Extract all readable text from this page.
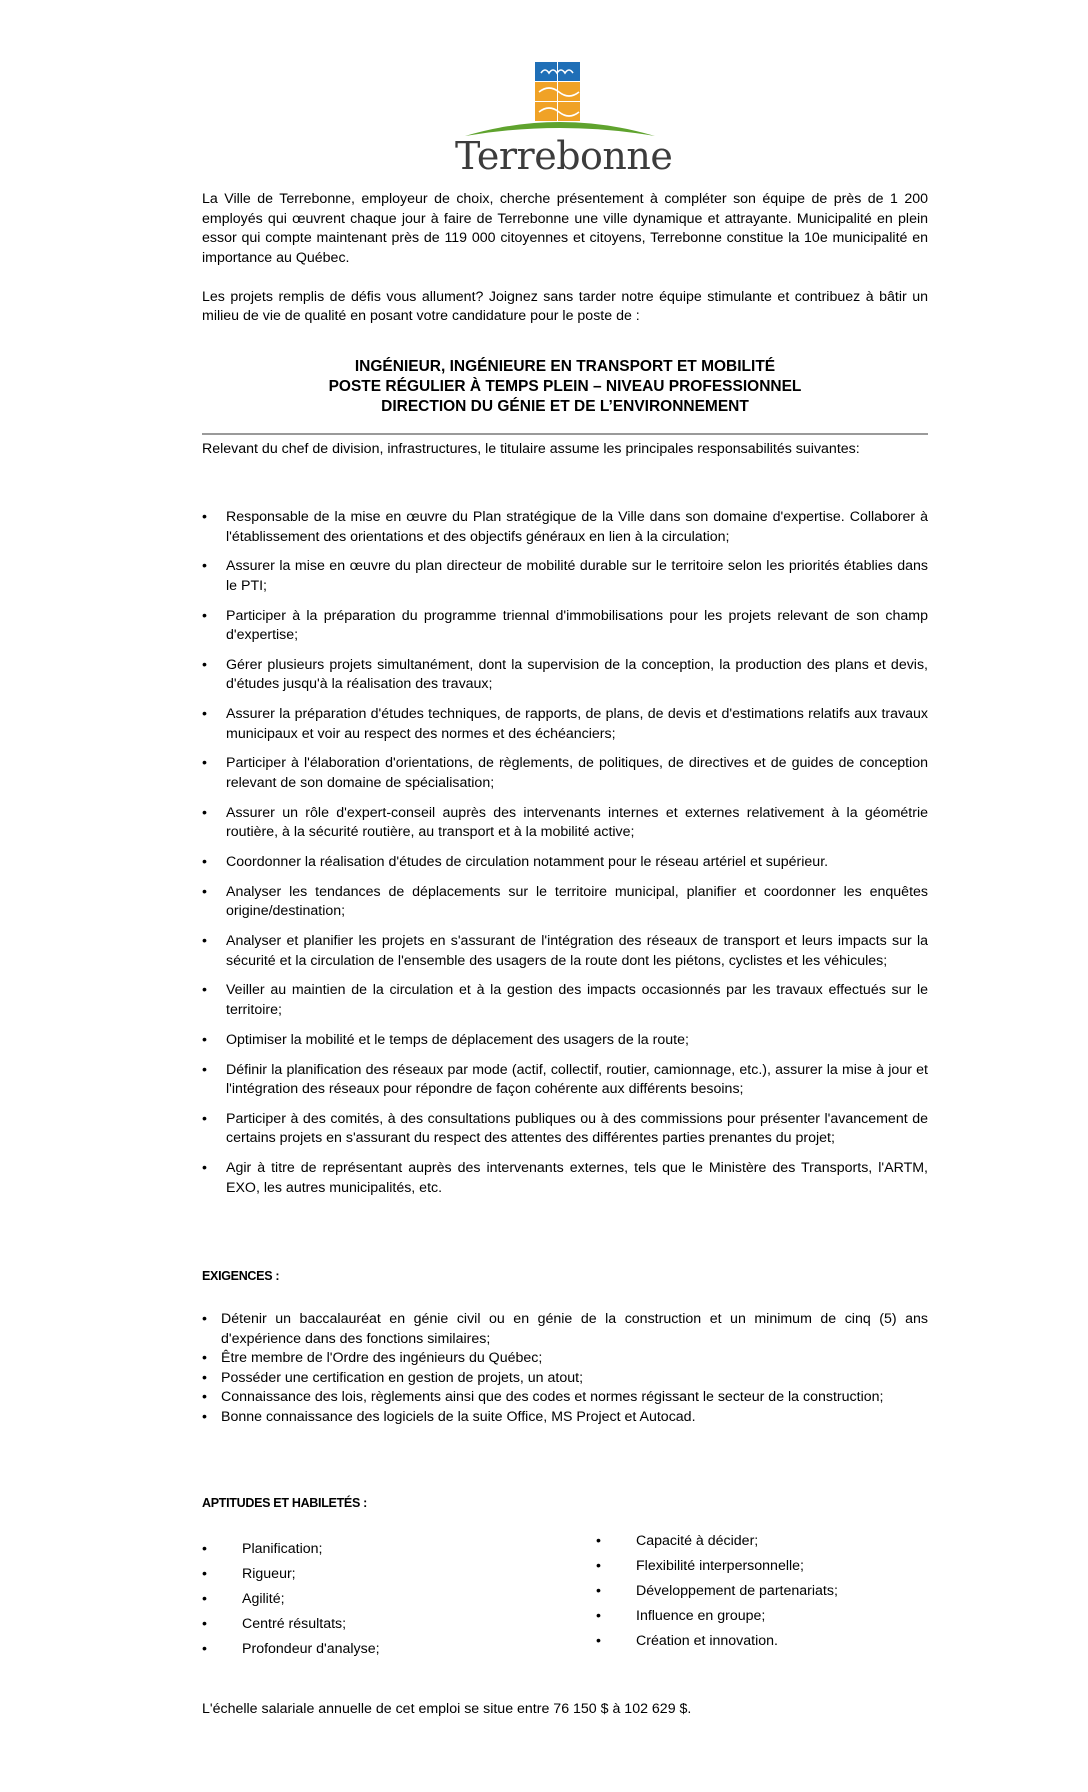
Terrebonne

La Ville de Terrebonne, employeur de choix, cherche présentement à compléter son équipe de près de 1 200 employés qui œuvrent chaque jour à faire de Terrebonne une ville dynamique et attrayante. Municipalité en plein essor qui compte maintenant près de 119 000 citoyennes et citoyens, Terrebonne constitue la 10e municipalité en importance au Québec.

Les projets remplis de défis vous allument? Joignez sans tarder notre équipe stimulante et contribuez à bâtir un milieu de vie de qualité en posant votre candidature pour le poste de :

INGÉNIEUR, INGÉNIEURE EN TRANSPORT ET MOBILITÉ
POSTE RÉGULIER À TEMPS PLEIN – NIVEAU PROFESSIONNEL
DIRECTION DU GÉNIE ET DE L’ENVIRONNEMENT

Relevant du chef de division, infrastructures, le titulaire assume les principales responsabilités suivantes:

• Responsable de la mise en œuvre du Plan stratégique de la Ville dans son domaine d'expertise. Collaborer à l'établissement des orientations et des objectifs généraux en lien à la circulation;
• Assurer la mise en œuvre du plan directeur de mobilité durable sur le territoire selon les priorités établies dans le PTI;
• Participer à la préparation du programme triennal d'immobilisations pour les projets relevant de son champ d'expertise;
• Gérer plusieurs projets simultanément, dont la supervision de la conception, la production des plans et devis, d'études jusqu'à la réalisation des travaux;
• Assurer la préparation d'études techniques, de rapports, de plans, de devis et d'estimations relatifs aux travaux municipaux et voir au respect des normes et des échéanciers;
• Participer à l'élaboration d'orientations, de règlements, de politiques, de directives et de guides de conception relevant de son domaine de spécialisation;
• Assurer un rôle d'expert-conseil auprès des intervenants internes et externes relativement à la géométrie routière, à la sécurité routière, au transport et à la mobilité active;
• Coordonner la réalisation d'études de circulation notamment pour le réseau artériel et supérieur.
• Analyser les tendances de déplacements sur le territoire municipal, planifier et coordonner les enquêtes origine/destination;
• Analyser et planifier les projets en s'assurant de l'intégration des réseaux de transport et leurs impacts sur la sécurité et la circulation de l'ensemble des usagers de la route dont les piétons, cyclistes et les véhicules;
• Veiller au maintien de la circulation et à la gestion des impacts occasionnés par les travaux effectués sur le territoire;
• Optimiser la mobilité et le temps de déplacement des usagers de la route;
• Définir la planification des réseaux par mode (actif, collectif, routier, camionnage, etc.), assurer la mise à jour et l'intégration des réseaux pour répondre de façon cohérente aux différents besoins;
• Participer à des comités, à des consultations publiques ou à des commissions pour présenter l'avancement de certains projets en s'assurant du respect des attentes des différentes parties prenantes du projet;
• Agir à titre de représentant auprès des intervenants externes, tels que le Ministère des Transports, l'ARTM, EXO, les autres municipalités, etc.
EXIGENCES :
• Détenir un baccalauréat en génie civil ou en génie de la construction et un minimum de cinq (5) ans d'expérience dans des fonctions similaires;
• Être membre de l'Ordre des ingénieurs du Québec;
• Posséder une certification en gestion de projets, un atout;
• Connaissance des lois, règlements ainsi que des codes et normes régissant le secteur de la construction;
• Bonne connaissance des logiciels de la suite Office, MS Project et Autocad.
APTITUDES ET HABILETÉS :
• Planification;
• Rigueur;
• Agilité;
• Centré résultats;
• Profondeur d'analyse;
• Capacité à décider;
• Flexibilité interpersonnelle;
• Développement de partenariats;
• Influence en groupe;
• Création et innovation.

L'échelle salariale annuelle de cet emploi se situe entre 76 150 $ à 102 629 $.
